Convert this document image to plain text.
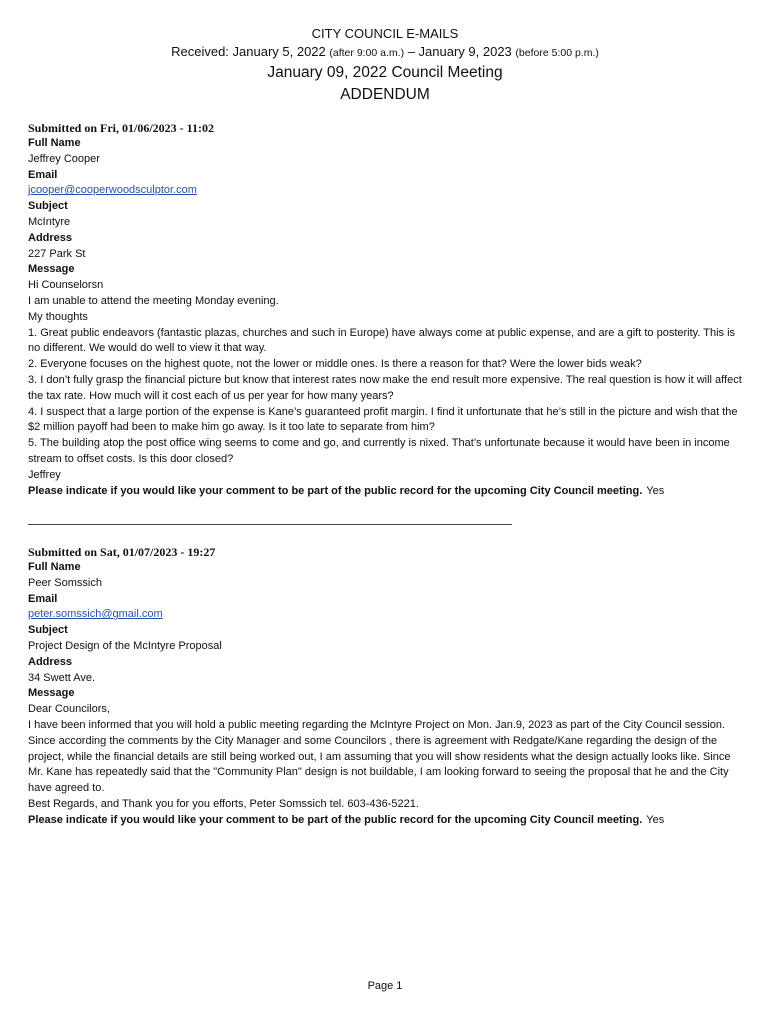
CITY COUNCIL E-MAILS
Received: January 5, 2022 (after 9:00 a.m.) – January 9, 2023 (before 5:00 p.m.)
January 09, 2022 Council Meeting
ADDENDUM
Submitted on Fri, 01/06/2023 - 11:02
Full Name
Jeffrey Cooper
Email
jcooper@cooperwoodsculptor.com
Subject
McIntyre
Address
227 Park St
Message

Hi Counselorsn

I am unable to attend the meeting Monday evening.

My thoughts

1. Great public endeavors (fantastic plazas, churches and such in Europe) have always come at public expense, and are a gift to posterity. This is no different. We would do well to view it that way.

2. Everyone focuses on the highest quote, not the lower or middle ones. Is there a reason for that? Were the lower bids weak?

3. I don’t fully grasp the financial picture but know that interest rates now make the end result more expensive. The real question is how it will affect the tax rate. How much will it cost each of us per year for how many years?

4. I suspect that a large portion of the expense is Kane’s guaranteed profit margin. I find it unfortunate that he’s still in the picture and wish that the $2 million payoff had been to make him go away. Is it too late to separate from him?

5. The building atop the post office wing seems to come and go, and currently is nixed. That’s unfortunate because it would have been in income stream to offset costs. Is this door closed?

Jeffrey

Please indicate if you would like your comment to be part of the public record for the upcoming City Council meeting. Yes
Submitted on Sat, 01/07/2023 - 19:27
Full Name
Peer Somssich
Email
peter.somssich@gmail.com
Subject
Project Design of the McIntyre Proposal
Address
34 Swett Ave.
Message

Dear Councilors,

I have been informed that you will hold a public meeting regarding the McIntyre Project on Mon. Jan.9, 2023 as part of the City Council session. Since according the comments by the City Manager and some Councilors , there is agreement with Redgate/Kane regarding the design of the project, while the financial details are still being worked out, I am assuming that you will show residents what the design actually looks like. Since Mr. Kane has repeatedly said that the "Community Plan" design is not buildable, I am looking forward to seeing the proposal that he and the City have agreed to.

Best Regards, and Thank you for you efforts, Peter Somssich tel. 603-436-5221.

Please indicate if you would like your comment to be part of the public record for the upcoming City Council meeting. Yes
Page 1
